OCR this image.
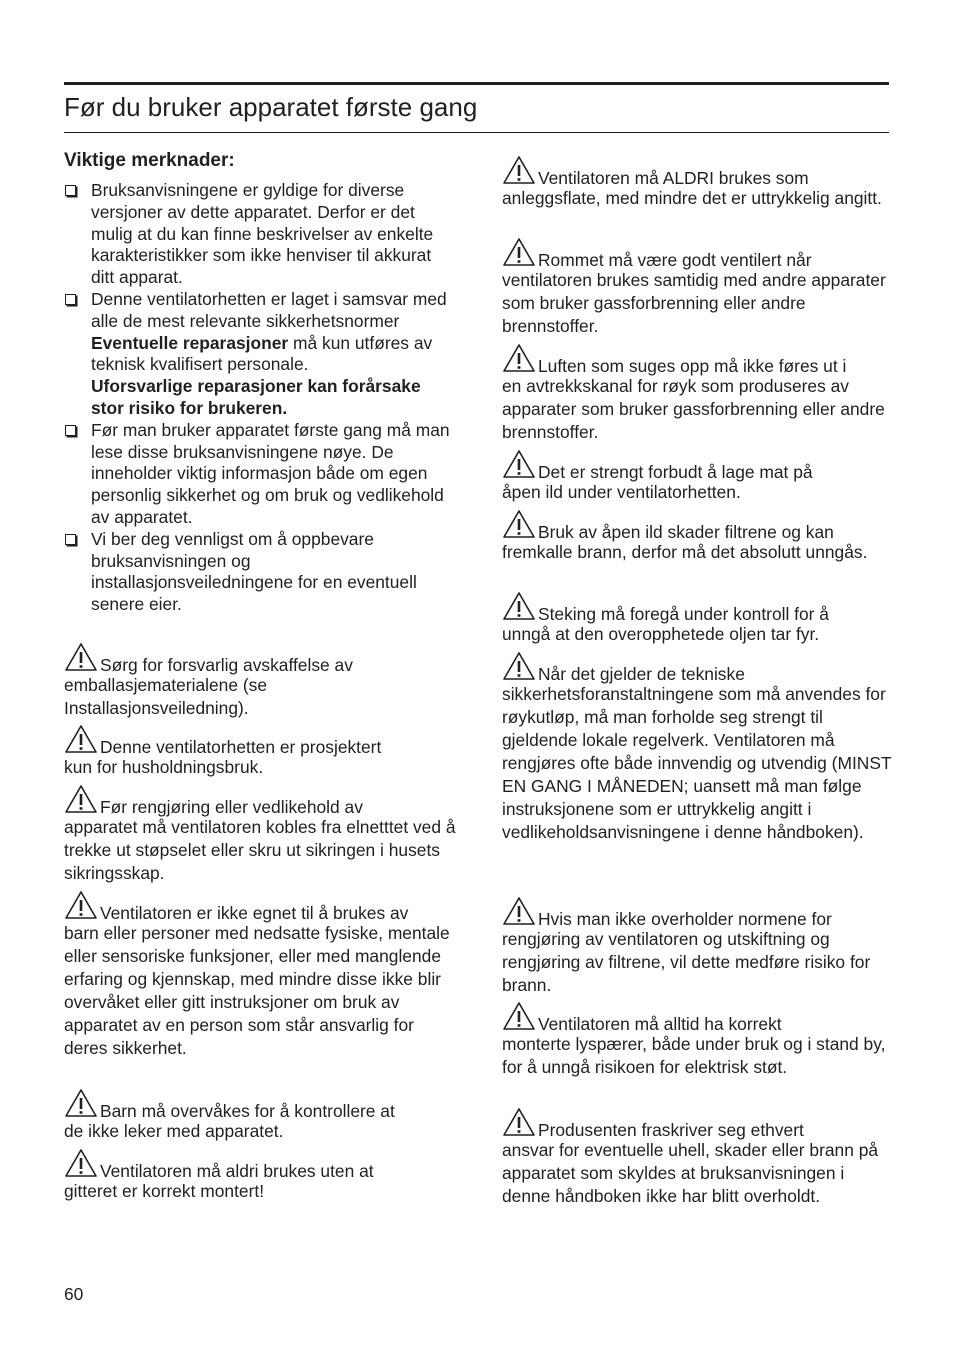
Før du bruker apparatet første gang
Viktige merknader:
Bruksanvisningene er gyldige for diverse versjoner av dette apparatet. Derfor er det mulig at du kan finne beskrivelser av enkelte karakteristikker som ikke henviser til akkurat ditt apparat.
Denne ventilatorhetten er laget i samsvar med alle de mest relevante sikkerhetsnormer
Eventuelle reparasjoner må kun utføres av teknisk kvalifisert personale.
Uforsvarlige reparasjoner kan forårsake stor risiko for brukeren.
Før man bruker apparatet første gang må man lese disse bruksanvisningene nøye. De inneholder viktig informasjon både om egen personlig sikkerhet og om bruk og vedlikehold av apparatet.
Vi ber deg vennligst om å oppbevare bruksanvisningen og installasjonsveiledningene for en eventuell senere eier.
Sørg for forsvarlig avskaffelse av
emballasjematerialene (se Installasjonsveiledning).
Denne ventilatorhetten er prosjektert
kun for husholdningsbruk.
Før rengjøring eller vedlikehold av
apparatet må ventilatoren kobles fra elnetttet ved å trekke ut støpselet eller skru ut sikringen i husets sikringsskap.
Ventilatoren er ikke egnet til å brukes av
barn eller personer med nedsatte fysiske, mentale eller sensoriske funksjoner, eller med manglende erfaring og kjennskap, med mindre disse ikke blir overvåket eller gitt instruksjoner om bruk av apparatet av en person som står ansvarlig for deres sikkerhet.
Barn må overvåkes for å kontrollere at
de ikke leker med apparatet.
Ventilatoren må aldri brukes uten at
gitteret er korrekt montert!
Ventilatoren må ALDRI brukes som
anleggsflate, med mindre det er uttrykkelig angitt.
Rommet må være godt ventilert når
ventilatoren brukes samtidig med andre apparater som bruker gassforbrenning eller andre brennstoffer.
Luften som suges opp må ikke føres ut i
en avtrekkskanal for røyk som produseres av apparater som bruker gassforbrenning eller andre brennstoffer.
Det er strengt forbudt å lage mat på
åpen ild under ventilatorhetten.
Bruk av åpen ild skader filtrene og kan
fremkalle brann, derfor må det absolutt unngås.
Steking må foregå under kontroll for å
unngå at den overopphetede oljen tar fyr.
Når det gjelder de tekniske
sikkerhetsforanstaltningene som må anvendes for røykutløp, må man forholde seg strengt til gjeldende lokale regelverk. Ventilatoren må rengjøres ofte både innvendig og utvendig (MINST EN GANG I MÅNEDEN; uansett må man følge instruksjonene som er uttrykkelig angitt i vedlikeholdsanvisningene i denne håndboken).
Hvis man ikke overholder normene for
rengjøring av ventilatoren og utskiftning og rengjøring av filtrene, vil dette medføre risiko for brann.
Ventilatoren må alltid ha korrekt
monterte lyspærer, både under bruk og i stand by, for å unngå risikoen for elektrisk støt.
Produsenten fraskriver seg ethvert
ansvar for eventuelle uhell, skader eller brann på apparatet som skyldes at bruksanvisningen i denne håndboken ikke har blitt overholdt.
60
